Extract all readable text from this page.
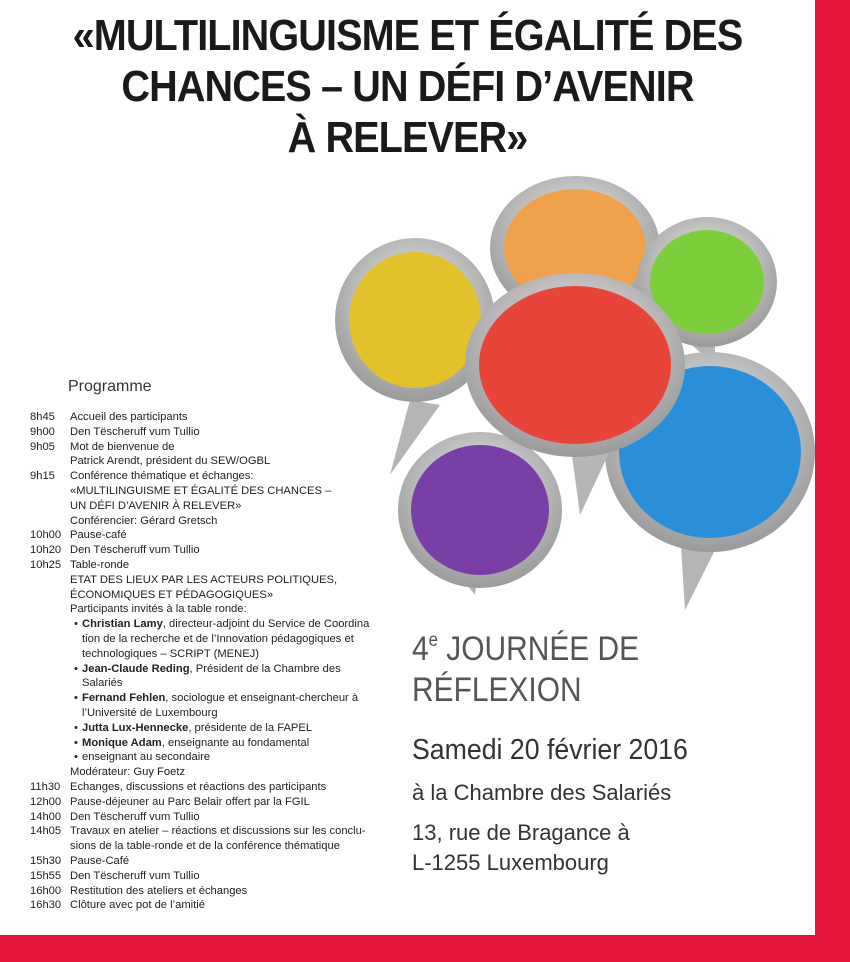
«MULTILINGUISME ET ÉGALITÉ DES
CHANCES – UN DÉFI D’AVENIR
À RELEVER»
Programme
8h45	Accueil des participants
9h00	Den Tëscheruff vum Tullio
9h05	Mot de bienvenue de
Patrick Arendt, président du SEW/OGBL
9h15	Conférence thématique et échanges:
«MULTILINGUISME ET ÉGALITÉ DES CHANCES –
UN DÉFI D’AVENIR À RELEVER»
Conférencier: Gérard Gretsch
10h00 Pause-café
10h20 Den Tëscheruff vum Tullio
10h25 Table-ronde
ETAT DES LIEUX PAR LES ACTEURS POLITIQUES,
ÉCONOMIQUES ET PÉDAGOGIQUES»
Participants invités à la table ronde:
• Christian Lamy, directeur-adjoint du Service de Coordina
tion de la recherche et de l’Innovation pédagogiques et
technologiques – SCRIPT (MENEJ)
• Jean-Claude Reding, Président de la Chambre des
Salariés
• Fernand Fehlen, sociologue et enseignant-chercheur à
l’Université de Luxembourg
• Jutta Lux-Hennecke, présidente de la FAPEL
• Monique Adam, enseignante au fondamental
• enseignant au secondaire
Modérateur: Guy Foetz
11h30 Echanges, discussions et réactions des participants
12h00 Pause-déjeuner au Parc Belair offert par la FGIL
14h00 Den Tëscheruff vum Tullio
14h05 Travaux en atelier – réactions et discussions sur les conclu-
sions de la table-ronde et de la conférence thématique
15h30 Pause-Café
15h55 Den Tëscheruff vum Tullio
16h00 Restitution des ateliers et échanges
16h30 Clôture avec pot de l’amitié
4e JOURNÉE DE
RÉFLEXION
Samedi 20 février 2016
à la Chambre des Salariés
13, rue de Bragance à
L-1255 Luxembourg
